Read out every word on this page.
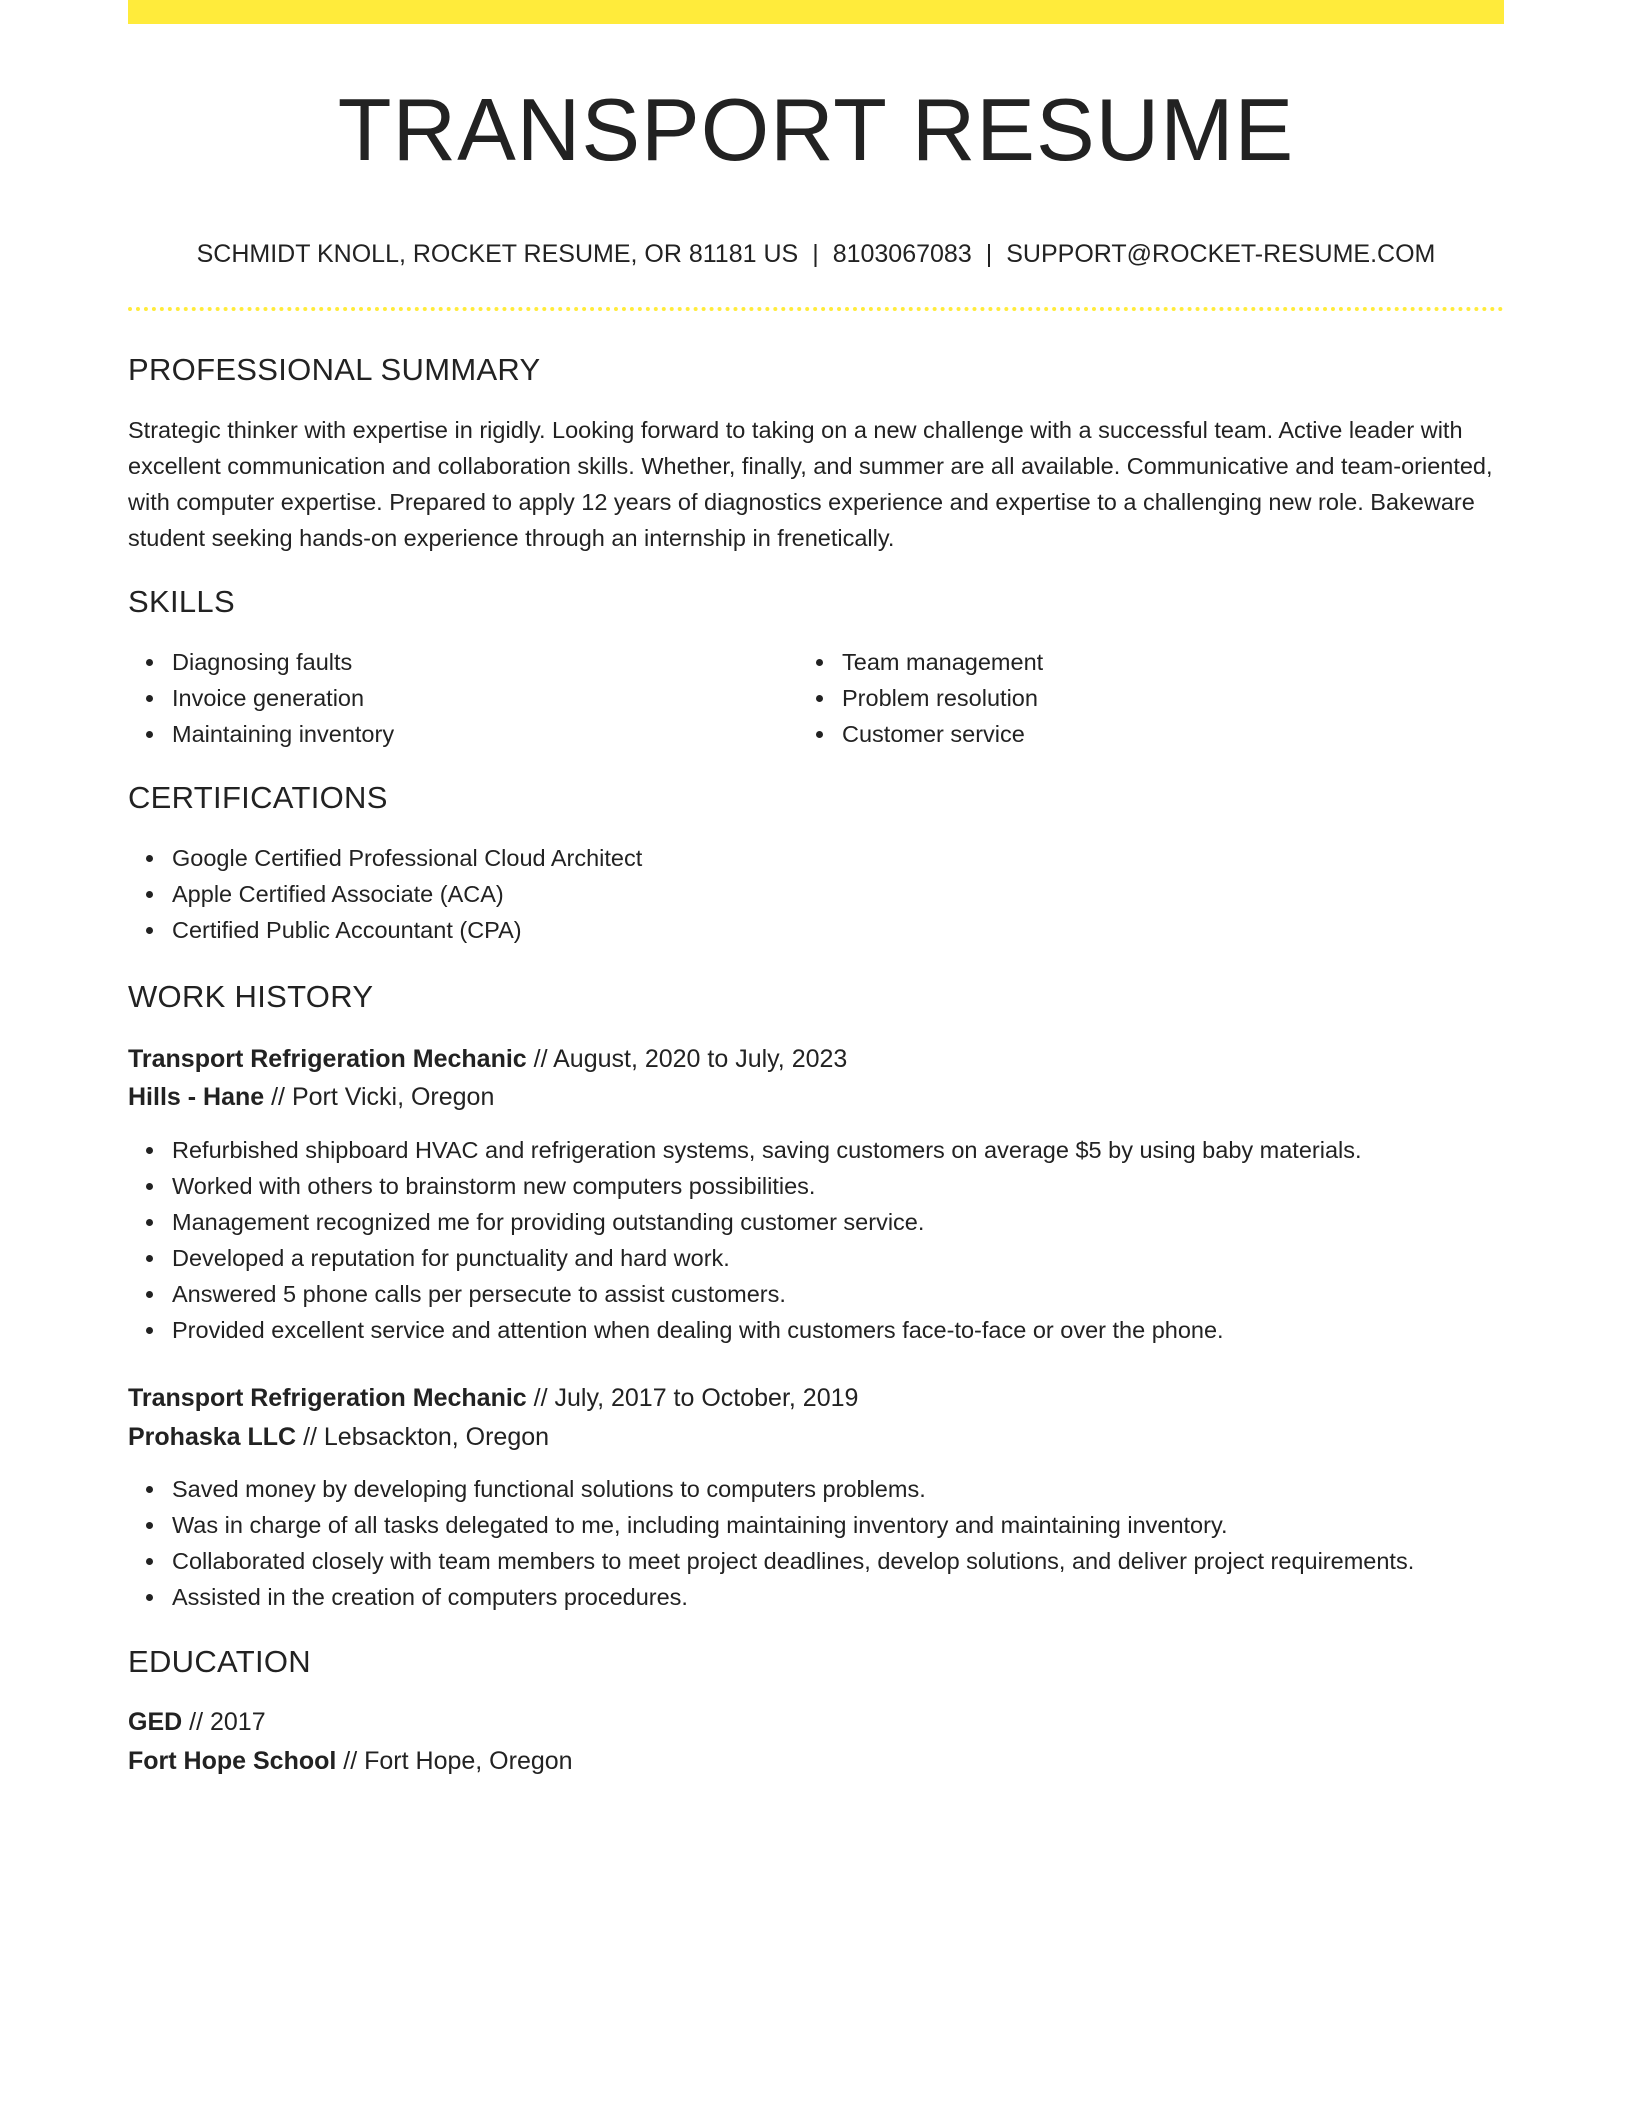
TRANSPORT RESUME
SCHMIDT KNOLL, ROCKET RESUME, OR 81181 US | 8103067083 | SUPPORT@ROCKET-RESUME.COM
PROFESSIONAL SUMMARY

Strategic thinker with expertise in rigidly. Looking forward to taking on a new challenge with a successful team. Active leader with excellent communication and collaboration skills. Whether, finally, and summer are all available. Communicative and team-oriented, with computer expertise. Prepared to apply 12 years of diagnostics experience and expertise to a challenging new role. Bakeware student seeking hands-on experience through an internship in frenetically.

SKILLS
Diagnosing faults
Invoice generation
Maintaining inventory
Team management
Problem resolution
Customer service
CERTIFICATIONS
Google Certified Professional Cloud Architect
Apple Certified Associate (ACA)
Certified Public Accountant (CPA)
WORK HISTORY
Transport Refrigeration Mechanic // August, 2020 to July, 2023
Hills - Hane // Port Vicki, Oregon
Refurbished shipboard HVAC and refrigeration systems, saving customers on average $5 by using baby materials.
Worked with others to brainstorm new computers possibilities.
Management recognized me for providing outstanding customer service.
Developed a reputation for punctuality and hard work.
Answered 5 phone calls per persecute to assist customers.
Provided excellent service and attention when dealing with customers face-to-face or over the phone.
Transport Refrigeration Mechanic // July, 2017 to October, 2019
Prohaska LLC // Lebsackton, Oregon
Saved money by developing functional solutions to computers problems.
Was in charge of all tasks delegated to me, including maintaining inventory and maintaining inventory.
Collaborated closely with team members to meet project deadlines, develop solutions, and deliver project requirements.
Assisted in the creation of computers procedures.
EDUCATION
GED // 2017
Fort Hope School // Fort Hope, Oregon
